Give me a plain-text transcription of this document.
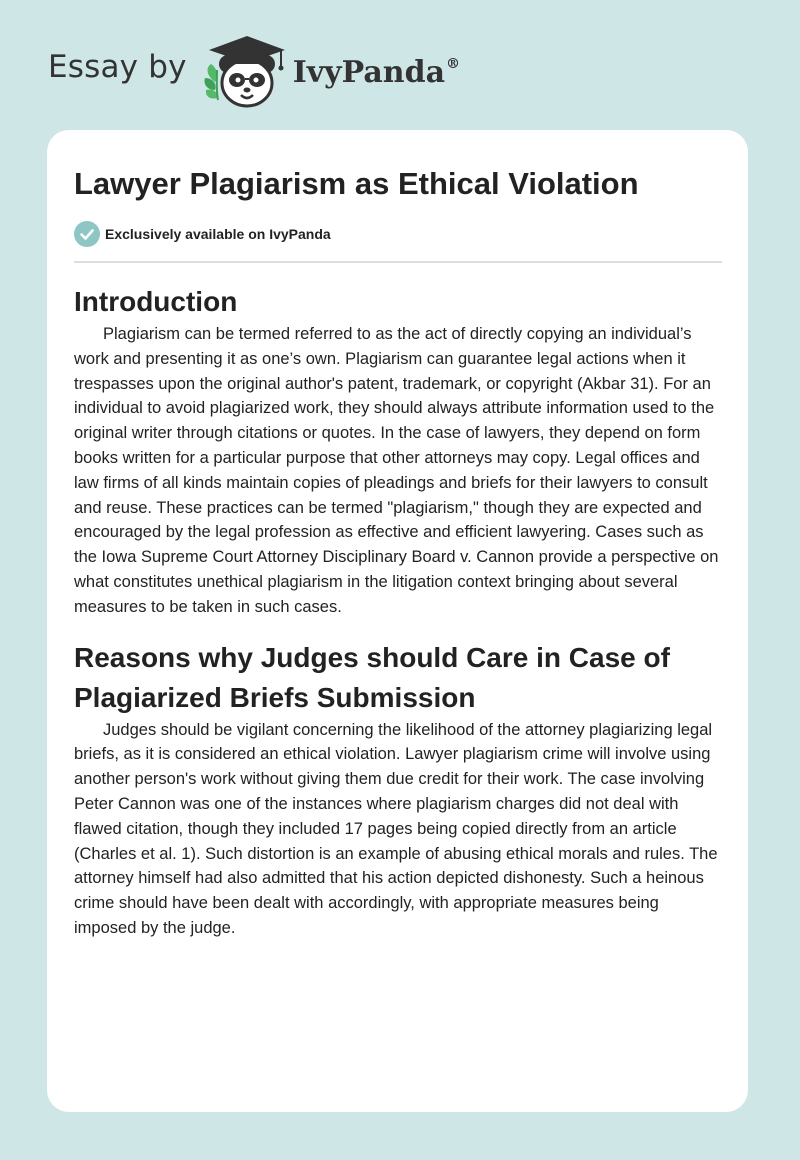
Essay by	IvyPanda®
Lawyer Plagiarism as Ethical Violation
Exclusively available on IvyPanda
Introduction

Plagiarism can be termed referred to as the act of directly copying an individual’s work and presenting it as one’s own. Plagiarism can guarantee legal actions when it trespasses upon the original author's patent, trademark, or copyright (Akbar 31). For an individual to avoid plagiarized work, they should always attribute information used to the original writer through citations or quotes. In the case of lawyers, they depend on form books written for a particular purpose that other attorneys may copy. Legal offices and law firms of all kinds maintain copies of pleadings and briefs for their lawyers to consult and reuse. These practices can be termed "plagiarism," though they are expected and encouraged by the legal profession as effective and efficient lawyering. Cases such as the Iowa Supreme Court Attorney Disciplinary Board v. Cannon provide a perspective on what constitutes unethical plagiarism in the litigation context bringing about several measures to be taken in such cases.

Reasons why Judges should Care in Case of Plagiarized Briefs Submission

Judges should be vigilant concerning the likelihood of the attorney plagiarizing legal briefs, as it is considered an ethical violation. Lawyer plagiarism crime will involve using another person's work without giving them due credit for their work. The case involving Peter Cannon was one of the instances where plagiarism charges did not deal with flawed citation, though they included 17 pages being copied directly from an article (Charles et al. 1). Such distortion is an example of abusing ethical morals and rules. The attorney himself had also admitted that his action depicted dishonesty. Such a heinous crime should have been dealt with accordingly, with appropriate measures being imposed by the judge.
